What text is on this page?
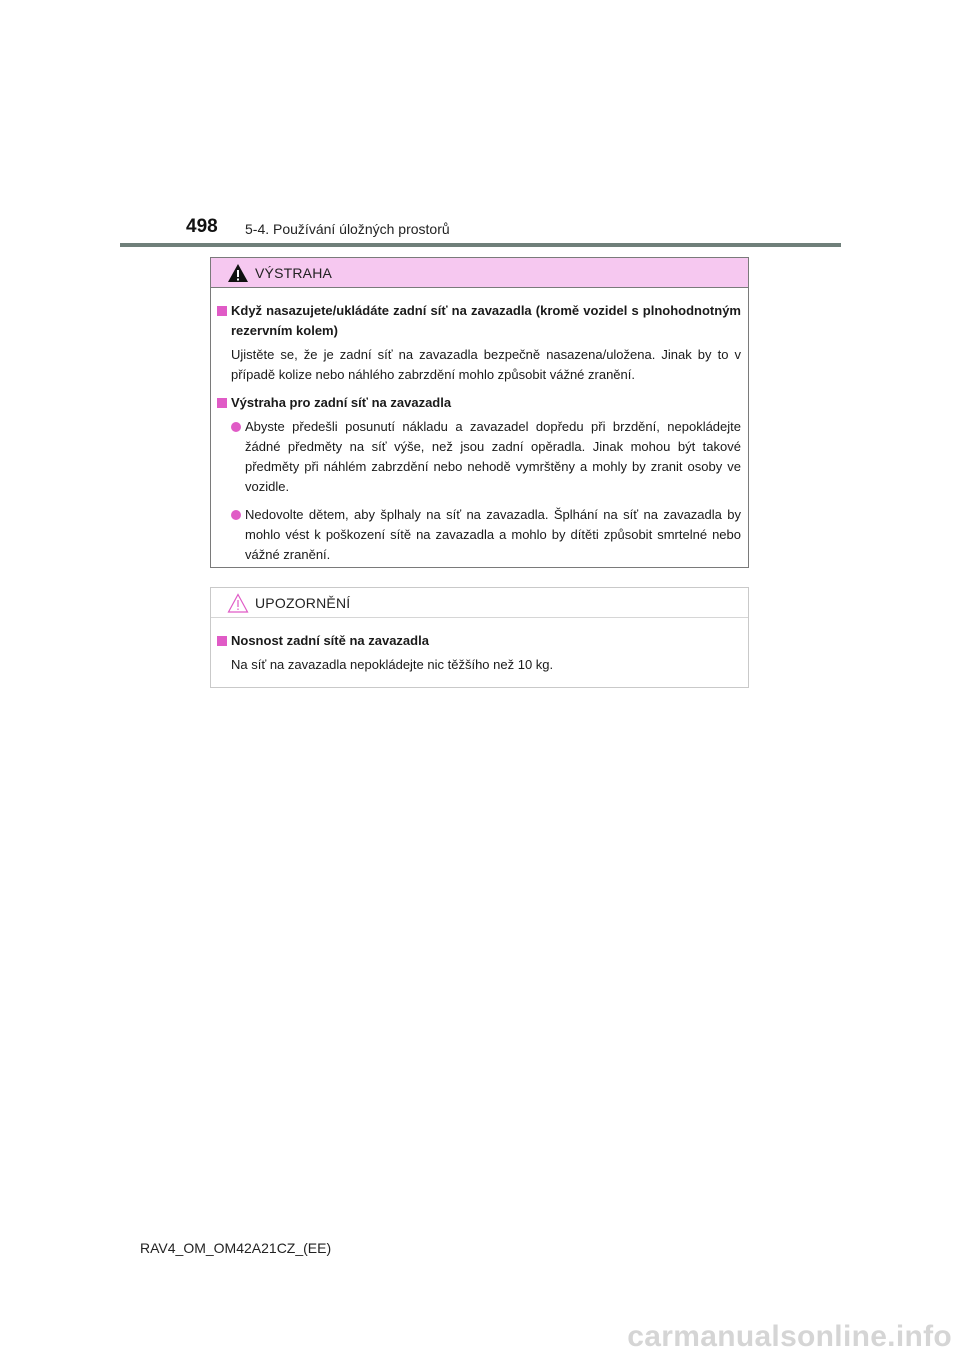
498 5-4. Používání úložných prostorů
VÝSTRAHA
Když nasazujete/ukládáte zadní síť na zavazadla (kromě vozidel s plnohodnotným rezervním kolem)
Ujistěte se, že je zadní síť na zavazadla bezpečně nasazena/uložena. Jinak by to v případě kolize nebo náhlého zabrzdění mohlo způsobit vážné zranění.
Výstraha pro zadní síť na zavazadla
Abyste předešli posunutí nákladu a zavazadel dopředu při brzdění, nepokládejte žádné předměty na síť výše, než jsou zadní opěradla. Jinak mohou být takové předměty při náhlém zabrzdění nebo nehodě vymrštěny a mohly by zranit osoby ve vozidle.
Nedovolte dětem, aby šplhaly na síť na zavazadla. Šplhání na síť na zavazadla by mohlo vést k poškození sítě na zavazadla a mohlo by dítěti způsobit smrtelné nebo vážné zranění.
UPOZORNĚNÍ
Nosnost zadní sítě na zavazadla
Na síť na zavazadla nepokládejte nic těžšího než 10 kg.
RAV4_OM_OM42A21CZ_(EE)
carmanualsonline.info
